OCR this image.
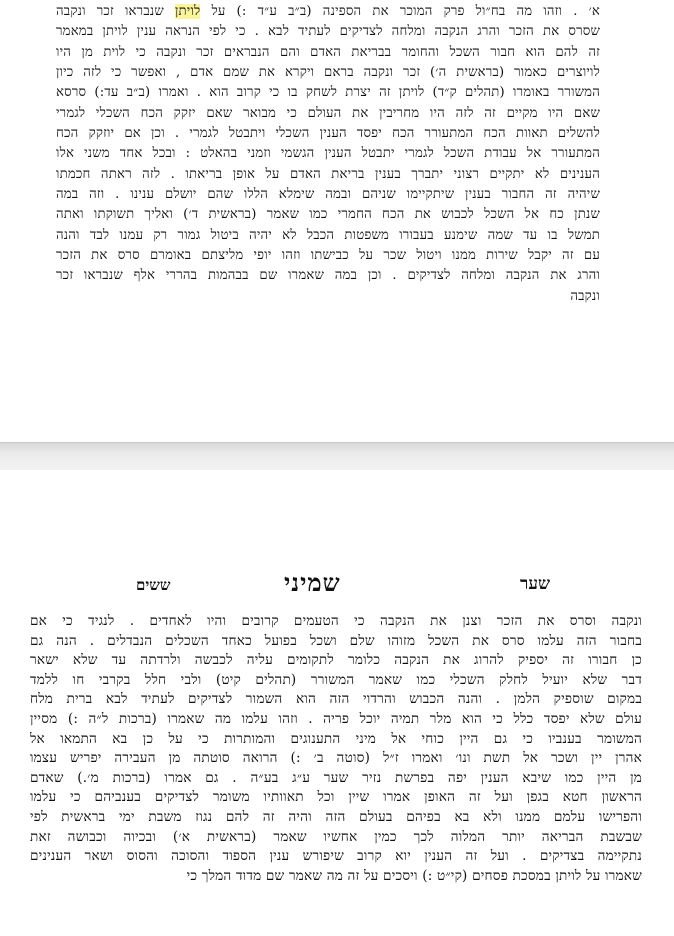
א׳ . וזהו מה בח״ול פרק המוכר את הספינה (ב״ב ע״ד :) על לויתן שנבראו זכר ונקבה
שסרס את הזכר והרג הנקבה ומלחה לצדיקים לעתיד לבא . כי לפי הנראה ענין לויתן במאמר
זה להם הוא חבור השכל והחומר בבריאת האדם והם הנבראים זכר ונקבה כי לוית מן היו
לויוצרים כאמור (בראשית ה׳) זכר ונקבה בראם ויקרא את שמם אדם , ואפשר כי לזה כיון
המשורר באומרו (תהלים ק״ד) לויתן זה יצרת לשחק בו כי קרוב הוא . ואמרו (ב״ב עד:) סרסא
שאם היו מקיים זה לזה היו מחריבין את העולם כי מבואר שאם יזקק הכח השכלי לגמרי
להשלים תאוות הכח המתעורר הכח יפסד הענין השכלי ויתבטל לגמרי . וכן אם יוזקק הכח
המתעורר אל עבודת השכל לגמרי יתבטל הענין הגשמי וזמני בהאלט : ובכל אחד משני אלו
הענינים לא יתקיים רצוני יתברך בענין בריאת האדם על אופן בריאתו . לזה ראתה חכמתו
שיהיה זה החבור בענין שיתקיימו שניהם ובמה שימלא הללו שהם יושלם ענינו . וזה במה
שנתן כח אל השכל לכבוש את הכח החמרי כמו שאמר (בראשית ד׳) ואליך תשוקתו ואתה
תמשל בו עד שמה שימנע בעבורו משפטות הכבל לא יהיה ביטול גמור רק עמנו לבד והנה
עם זה יקבל שירות ממנו ויטול שכר על כבישתו וזהו יופי מליצתם באומרם סרס את הזכר
והרג את הנקבה ומלחה לצדיקים . וכן במה שאמרו שם בבהמות בהררי אלף שנבראו זכר
ונקבה
שער
שמיני
ששים
ונקבה וסרס את הזכר וצנן את הנקבה כי הטעמים קרובים והיו לאחדים . לנגיד כי אם
בחבור הזה עלמו סרס את השכל מזוהו שלם ושכל בפועל כאחד השכלים הנבדלים . הנה גם
כן חבורו זה יספיק להרוג את הנקבה כלומר לתקומים עליה לכבשה ולרדתה עד שלא ישאר
דבר שלא יועיל לחלק השכלי כמו שאמר המשורר (תהלים קיט) ולבי חלל בקרבי חו ללמד
במקום שוספיק הלמן . והנה הכבוש והרדוי הזה הוא השמור לצדיקים לעתיד לבא ברית מלח
עולם שלא יפסד כלל כי הוא מלר תמיה יוכל פריה . וזהו עלמו מה שאמרו (ברכות ל״ה :) מסיין
המשומר בענביו כי גם היין כוחי אל מיני התענוגים והמותרות כי על כן בא התמאו אל
אהרן יין ושכר אל תשת ונו׳ ואמרו ז״ל (סוטה ב׳ :) הרואה סוטתה מן העבירה יפריש עצמו
מן היין כמו שיבא הענין יפה בפרשת נזיר שער ע״ג בע״ה . גם אמרו (ברכות מ׳.) שאדם
הראשון חטא בגפן ועל זה האופן אמרו שיין וכל תאוותיו משומר לצדיקים בענביהם כי עלמו
והפרישו עלמם ממנו ולא בא בפיהם בעולם הזה והיה זה להם נגוז משבת ימי בראשית לפי
שבשבת הבריאה יותר המלוה לכך כמין אחשיו שאמר (בראשית א׳) ובכיוה וכבושה זאת
נתקיימה בצדיקים . ועל זה הענין יוא קרוב שיפורש ענין הספוד והסוכה והסוס ושאר הענינים
שאמרו על לויתן במסכת פסחים (קי״ט :) ויסכים על זה מה שאמר שם מדוד המלך כי
